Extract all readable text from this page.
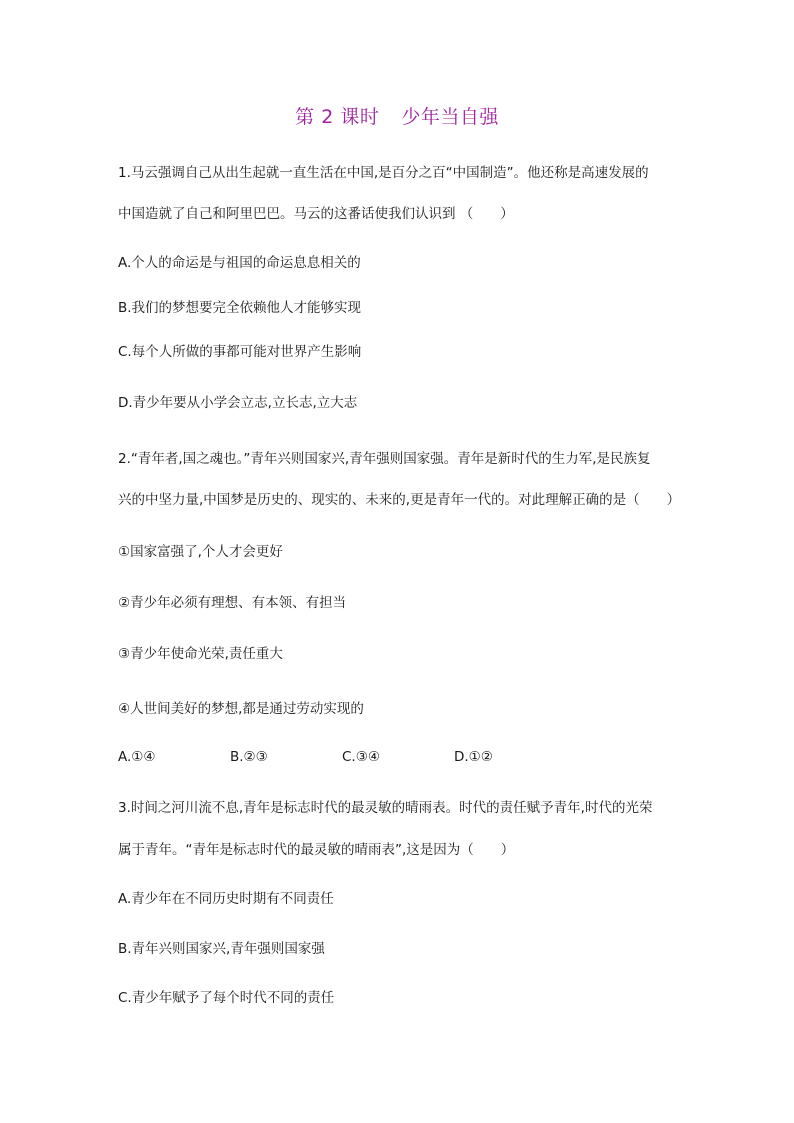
第 2 课时 少年当自强
1.马云强调自己从出生起就一直生活在中国,是百分之百“中国制造”。他还称是高速发展的
中国造就了自己和阿里巴巴。马云的这番话使我们认识到 （　　）
A.个人的命运是与祖国的命运息息相关的
B.我们的梦想要完全依赖他人才能够实现
C.每个人所做的事都可能对世界产生影响
D.青少年要从小学会立志,立长志,立大志
2.“青年者,国之魂也。”青年兴则国家兴,青年强则国家强。青年是新时代的生力军,是民族复
兴的中坚力量,中国梦是历史的、现实的、未来的,更是青年一代的。对此理解正确的是（　　）
①国家富强了,个人才会更好
②青少年必须有理想、有本领、有担当
③青少年使命光荣,责任重大
④人世间美好的梦想,都是通过劳动实现的
A.①④	B.②③	C.③④	D.①②
3.时间之河川流不息,青年是标志时代的最灵敏的晴雨表。时代的责任赋予青年,时代的光荣
属于青年。“青年是标志时代的最灵敏的晴雨表”,这是因为（　　）
A.青少年在不同历史时期有不同责任
B.青年兴则国家兴,青年强则国家强
C.青少年赋予了每个时代不同的责任
